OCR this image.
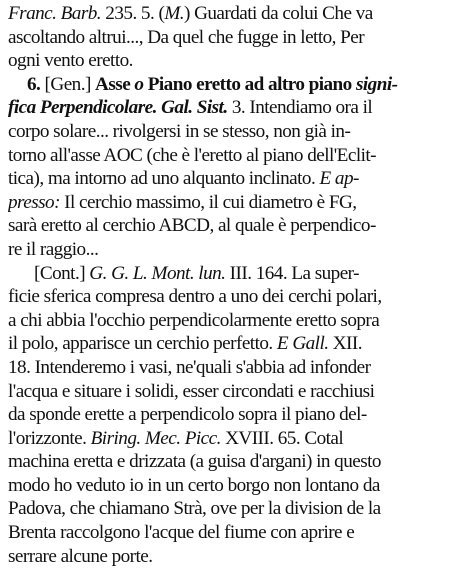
Franc. Barb. 235. 5. (M.) Guardati da colui Che va
ascoltando altrui..., Da quel che fugge in letto, Per
ogni vento eretto.
6. [Gen.] Asse o Piano eretto ad altro piano signi-
fica Perpendicolare. Gal. Sist. 3. Intendiamo ora il
corpo solare... rivolgersi in se stesso, non già in-
torno all'asse AOC (che è l'eretto al piano dell'Eclit-
tica), ma intorno ad uno alquanto inclinato. E ap-
presso: Il cerchio massimo, il cui diametro è FG,
sarà eretto al cerchio ABCD, al quale è perpendico-
re il raggio...
[Cont.] G. G. L. Mont. lun. III. 164. La super-
ficie sferica compresa dentro a uno dei cerchi polari,
a chi abbia l'occhio perpendicolarmente eretto sopra
il polo, apparisce un cerchio perfetto. E Gall. XII.
18. Intenderemo i vasi, ne'quali s'abbia ad infonder
l'acqua e situare i solidi, esser circondati e racchiusi
da sponde erette a perpendicolo sopra il piano del-
l'orizzonte. Biring. Mec. Picc. XVIII. 65. Cotal
machina eretta e drizzata (a guisa d'argani) in questo
modo ho veduto io in un certo borgo non lontano da
Padova, che chiamano Strà, ove per la division de la
Brenta raccolgono l'acque del fiume con aprire e
serrare alcune porte.
